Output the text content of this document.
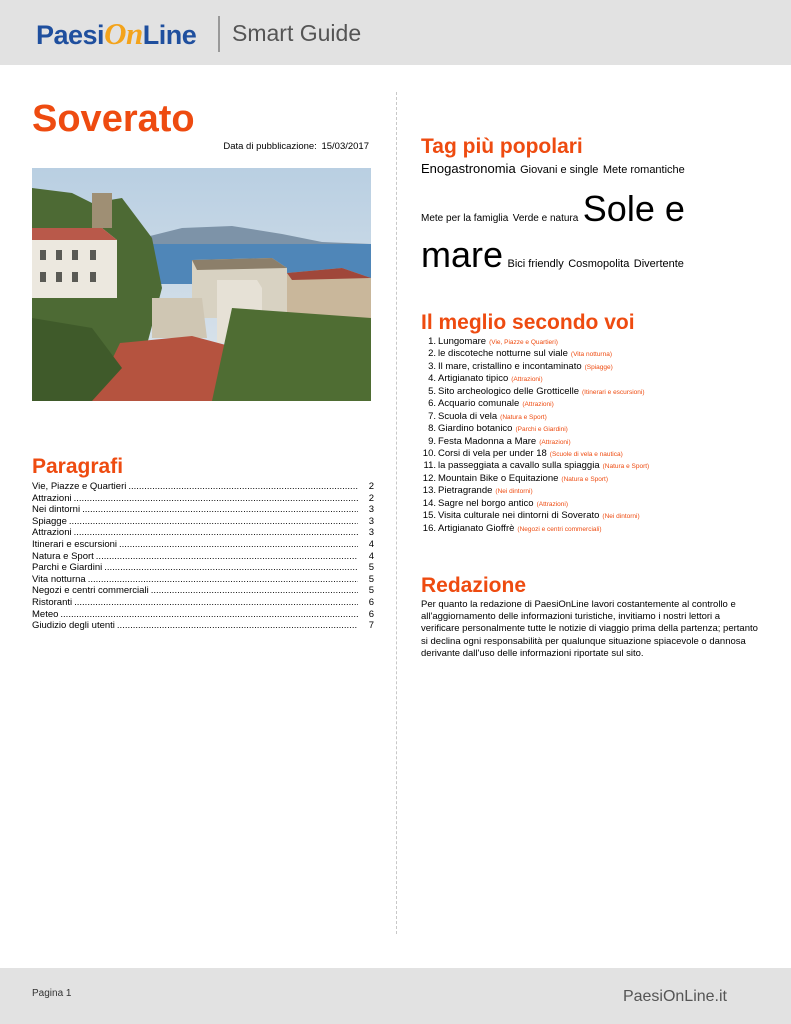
PaesiOnLine Smart Guide
Soverato
Data di pubblicazione: 15/03/2017
Paragrafi
Vie, Piazze e Quartieri .....	2
Attrazioni .....	2
Nei dintorni .....	3
Spiagge .....	3
Attrazioni .....	3
Itinerari e escursioni .....	4
Natura e Sport .....	4
Parchi e Giardini .....	5
Vita notturna .....	5
Negozi e centri commerciali .....	5
Ristoranti .....	6
Meteo .....	6
Giudizio degli utenti .....	7
Tag più popolari
Enogastronomia Giovani e single Mete romantiche

Mete per la famiglia Verde e natura Sole e mare Bici friendly Cosmopolita Divertente
Il meglio secondo voi
1. Lungomare (Vie, Piazze e Quartieri)
2. le discoteche notturne sul viale (Vita notturna)
3. Il mare, cristallino e incontaminato (Spiagge)
4. Artigianato tipico (Attrazioni)
5. Sito archeologico delle Grotticelle (Itinerari e escursioni)
6. Acquario comunale (Attrazioni)
7. Scuola di vela (Natura e Sport)
8. Giardino botanico (Parchi e Giardini)
9. Festa Madonna a Mare (Attrazioni)
10. Corsi di vela per under 18 (Scuole di vela e nautica)
11. la passeggiata a cavallo sulla spiaggia (Natura e Sport)
12. Mountain Bike o Equitazione (Natura e Sport)
13. Pietragrande (Nei dintorni)
14. Sagre nel borgo antico (Attrazioni)
15. Visita culturale nei dintorni di Soverato (Nei dintorni)
16. Artigianato Gioffrè (Negozi e centri commerciali)
Redazione

Per quanto la redazione di PaesiOnLine lavori costantemente al controllo e all'aggiornamento delle informazioni turistiche, invitiamo i nostri lettori a verificare personalmente tutte le notizie di viaggio prima della partenza; pertanto si declina ogni responsabilità per qualunque situazione spiacevole o dannosa derivante dall'uso delle informazioni riportate sul sito.

Pagina 1	PaesiOnLine.it
